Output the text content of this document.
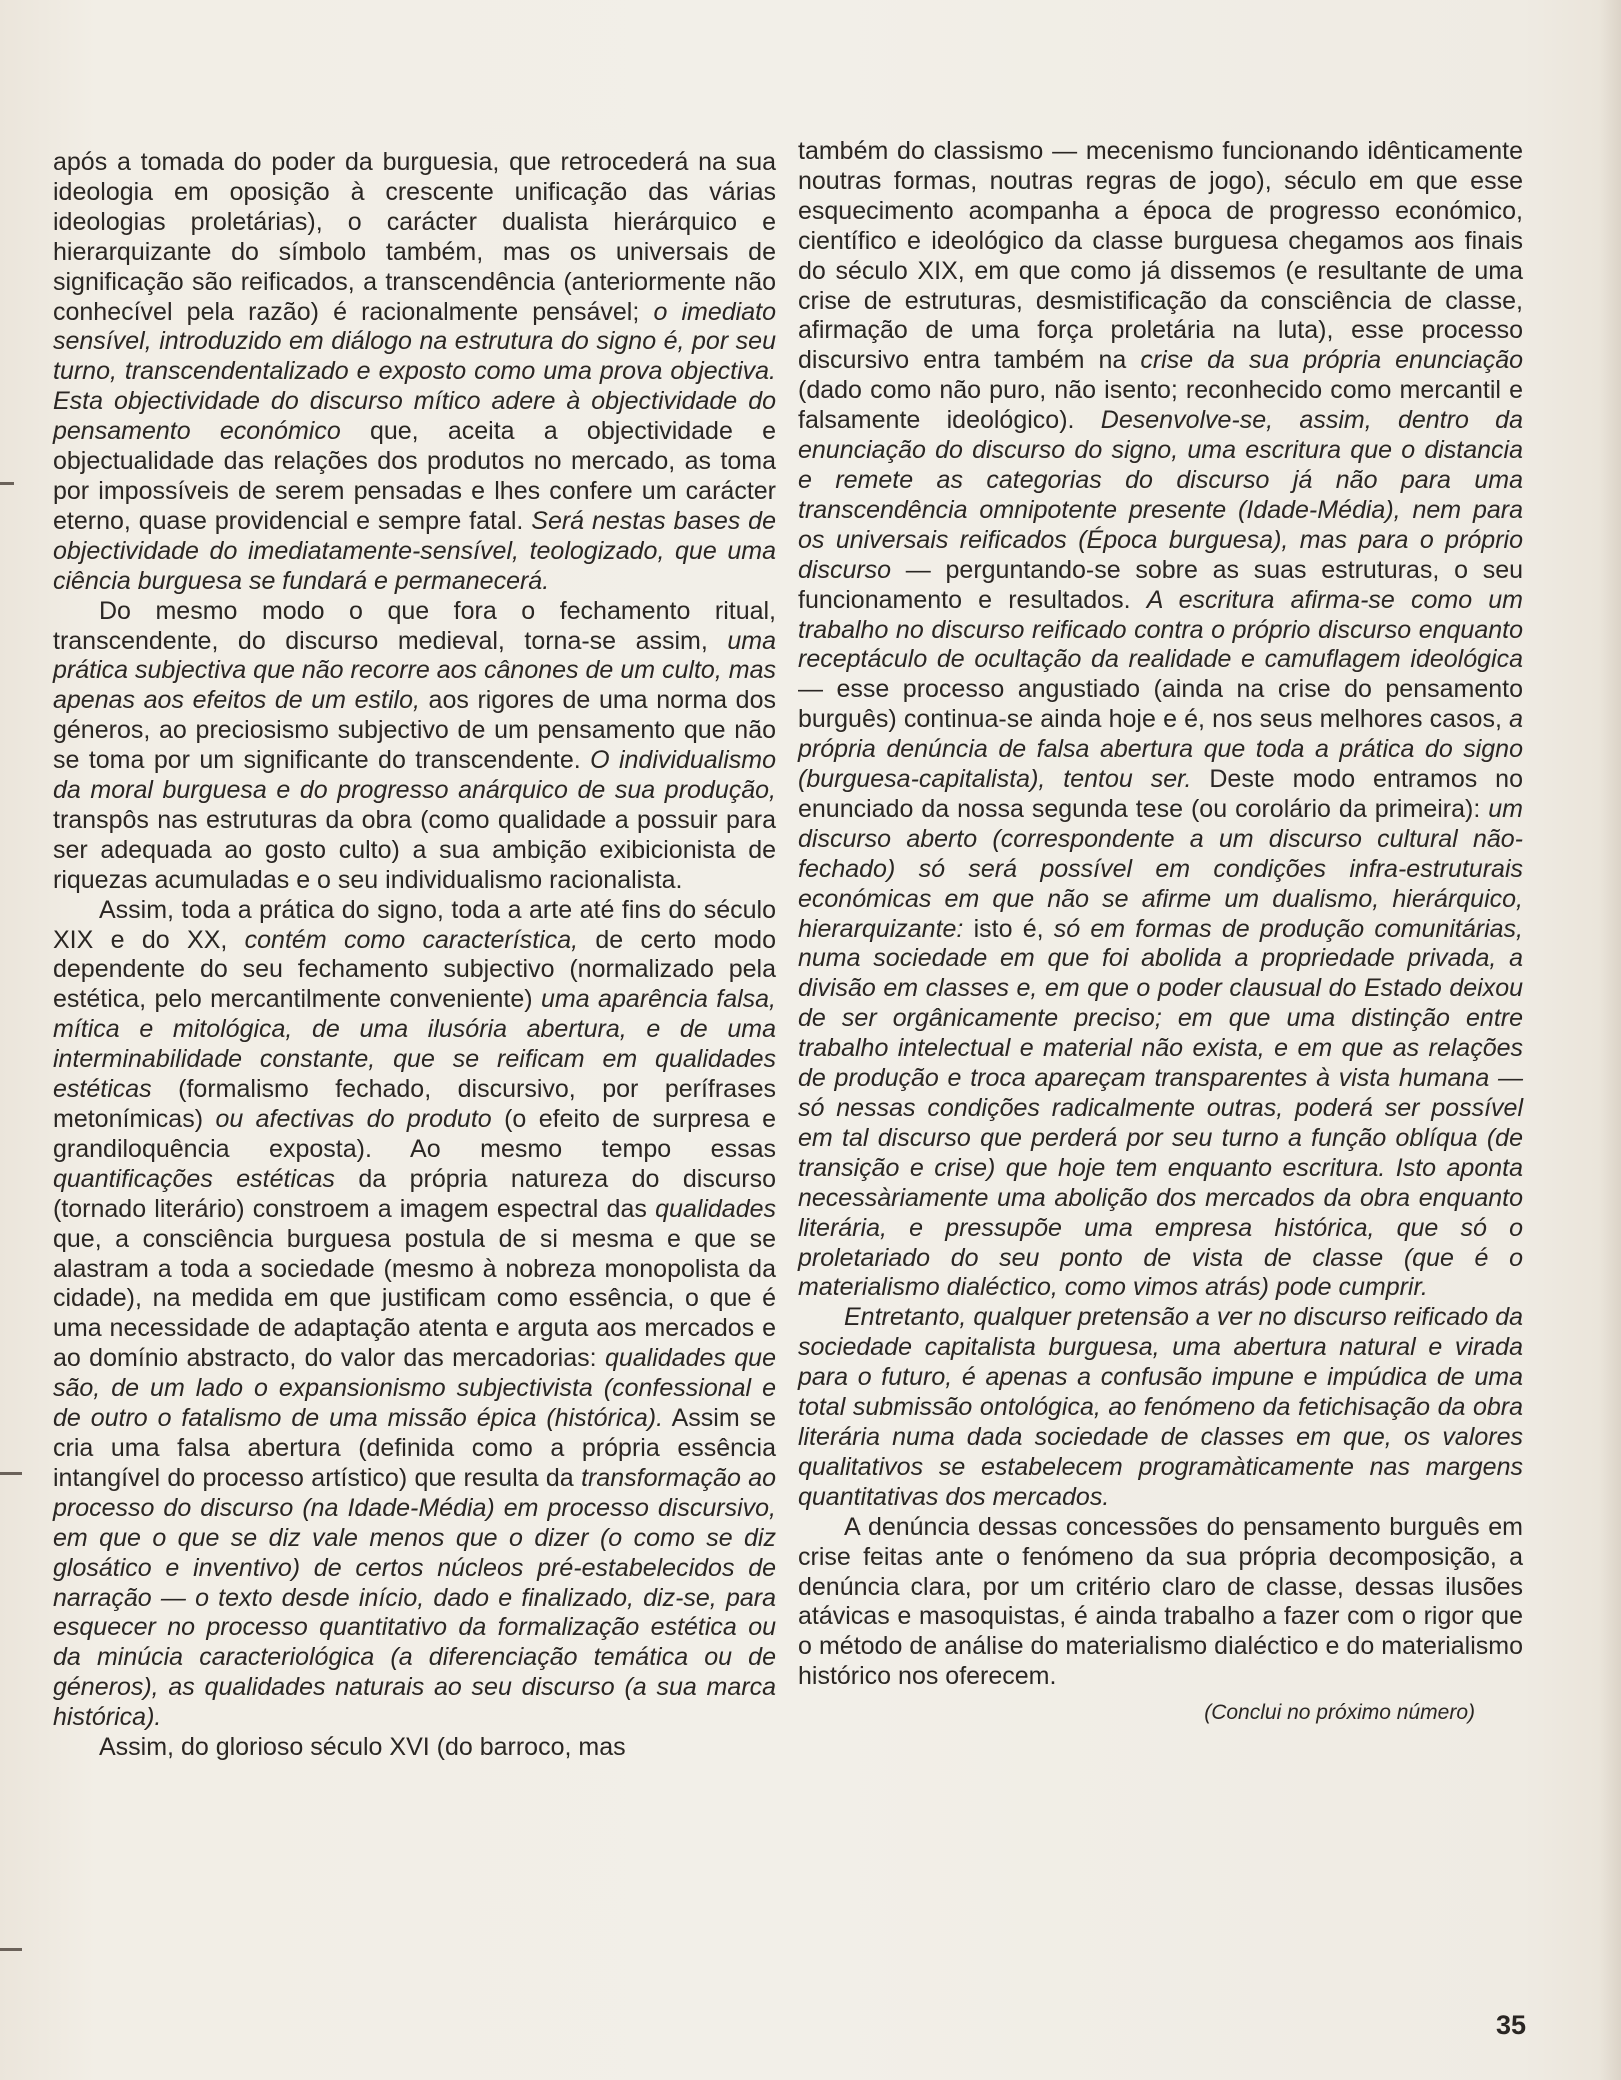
após a tomada do poder da burguesia, que retrocederá na sua ideologia em oposição à crescente unificação das várias ideologias proletárias), o carácter dualista hierárquico e hierarquizante do símbolo também, mas os universais de significação são reificados, a transcendência (anteriormente não conhecível pela razão) é racionalmente pensável; o imediato sensível, introduzido em diálogo na estrutura do signo é, por seu turno, transcendentalizado e exposto como uma prova objectiva. Esta objectividade do discurso mítico adere à objectividade do pensamento económico que, aceita a objectividade e objectualidade das relações dos produtos no mercado, as toma por impossíveis de serem pensadas e lhes confere um carácter eterno, quase providencial e sempre fatal. Será nestas bases de objectividade do imediatamente-sensível, teologizado, que uma ciência burguesa se fundará e permanecerá.

Do mesmo modo o que fora o fechamento ritual, transcendente, do discurso medieval, torna-se assim, uma prática subjectiva que não recorre aos cânones de um culto, mas apenas aos efeitos de um estilo, aos rigores de uma norma dos géneros, ao preciosismo subjectivo de um pensamento que não se toma por um significante do transcendente. O individualismo da moral burguesa e do progresso anárquico de sua produção, transpôs nas estruturas da obra (como qualidade a possuir para ser adequada ao gosto culto) a sua ambição exibicionista de riquezas acumuladas e o seu individualismo racionalista.

Assim, toda a prática do signo, toda a arte até fins do século XIX e do XX, contém como característica, de certo modo dependente do seu fechamento subjectivo (normalizado pela estética, pelo mercantilmente conveniente) uma aparência falsa, mítica e mitológica, de uma ilusória abertura, e de uma interminabilidade constante, que se reificam em qualidades estéticas (formalismo fechado, discursivo, por perífrases metonímicas) ou afectivas do produto (o efeito de surpresa e grandiloquência exposta). Ao mesmo tempo essas quantificações estéticas da própria natureza do discurso (tornado literário) constroem a imagem espectral das qualidades que, a consciência burguesa postula de si mesma e que se alastram a toda a sociedade (mesmo à nobreza monopolista da cidade), na medida em que justificam como essência, o que é uma necessidade de adaptação atenta e arguta aos mercados e ao domínio abstracto, do valor das mercadorias: qualidades que são, de um lado o expansionismo subjectivista (confessional e de outro o fatalismo de uma missão épica (histórica). Assim se cria uma falsa abertura (definida como a própria essência intangível do processo artístico) que resulta da transformação ao processo do discurso (na Idade-Média) em processo discursivo, em que o que se diz vale menos que o dizer (o como se diz glosático e inventivo) de certos núcleos pré-estabelecidos de narração — o texto desde início, dado e finalizado, diz-se, para esquecer no processo quantitativo da formalização estética ou da minúcia caracteriológica (a diferenciação temática ou de géneros), as qualidades naturais ao seu discurso (a sua marca histórica).

Assim, do glorioso século XVI (do barroco, mas

também do classismo — mecenismo funcionando idênticamente noutras formas, noutras regras de jogo), século em que esse esquecimento acompanha a época de progresso económico, científico e ideológico da classe burguesa chegamos aos finais do século XIX, em que como já dissemos (e resultante de uma crise de estruturas, desmistificação da consciência de classe, afirmação de uma força proletária na luta), esse processo discursivo entra também na crise da sua própria enunciação (dado como não puro, não isento; reconhecido como mercantil e falsamente ideológico). Desenvolve-se, assim, dentro da enunciação do discurso do signo, uma escritura que o distancia e remete as categorias do discurso já não para uma transcendência omnipotente presente (Idade-Média), nem para os universais reificados (Época burguesa), mas para o próprio discurso — perguntando-se sobre as suas estruturas, o seu funcionamento e resultados. A escritura afirma-se como um trabalho no discurso reificado contra o próprio discurso enquanto receptáculo de ocultação da realidade e camuflagem ideológica — esse processo angustiado (ainda na crise do pensamento burguês) continua-se ainda hoje e é, nos seus melhores casos, a própria denúncia de falsa abertura que toda a prática do signo (burguesa-capitalista), tentou ser. Deste modo entramos no enunciado da nossa segunda tese (ou corolário da primeira): um discurso aberto (correspondente a um discurso cultural não-fechado) só será possível em condições infra-estruturais económicas em que não se afirme um dualismo, hierárquico, hierarquizante: isto é, só em formas de produção comunitárias, numa sociedade em que foi abolida a propriedade privada, a divisão em classes e, em que o poder clausual do Estado deixou de ser orgânicamente preciso; em que uma distinção entre trabalho intelectual e material não exista, e em que as relações de produção e troca apareçam transparentes à vista humana — só nessas condições radicalmente outras, poderá ser possível em tal discurso que perderá por seu turno a função oblíqua (de transição e crise) que hoje tem enquanto escritura. Isto aponta necessàriamente uma abolição dos mercados da obra enquanto literária, e pressupõe uma empresa histórica, que só o proletariado do seu ponto de vista de classe (que é o materialismo dialéctico, como vimos atrás) pode cumprir.

Entretanto, qualquer pretensão a ver no discurso reificado da sociedade capitalista burguesa, uma abertura natural e virada para o futuro, é apenas a confusão impune e impúdica de uma total submissão ontológica, ao fenómeno da fetichisação da obra literária numa dada sociedade de classes em que, os valores qualitativos se estabelecem programàticamente nas margens quantitativas dos mercados.

A denúncia dessas concessões do pensamento burguês em crise feitas ante o fenómeno da sua própria decomposição, a denúncia clara, por um critério claro de classe, dessas ilusões atávicas e masoquistas, é ainda trabalho a fazer com o rigor que o método de análise do materialismo dialéctico e do materialismo histórico nos oferecem.

(Conclui no próximo número)
35
